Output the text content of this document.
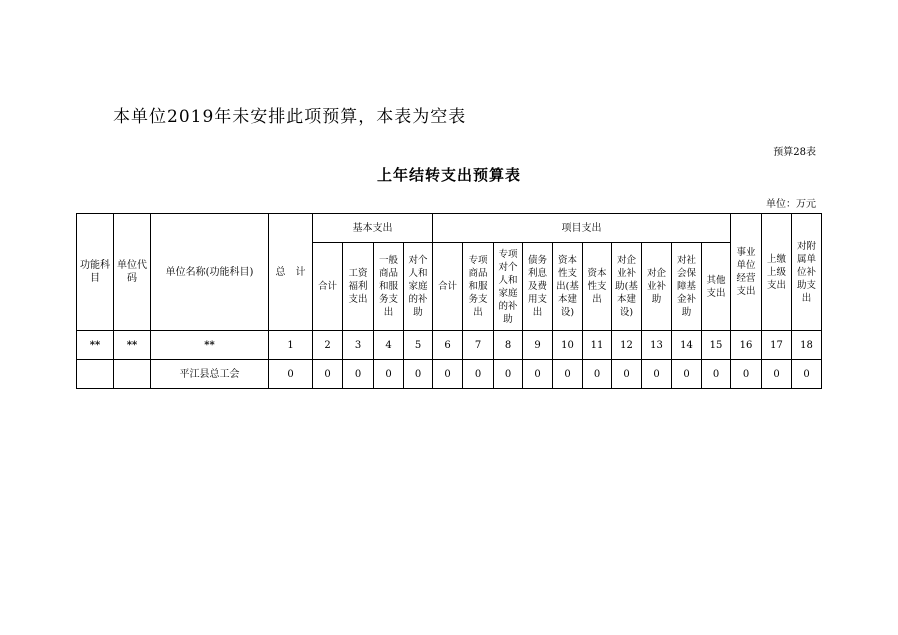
本单位2019年未安排此项预算，本表为空表
预算28表
上年结转支出预算表
单位：万元
功能科目	单位代码	单位名称(功能科目)	总　计	基本支出				项目支出										事业单位经营支出	上缴上级支出	对附属单位补助支出
				合计	工资福利支出	一般商品和服务支出	对个人和家庭的补助	合计	专项商品和服务支出	专项对个人和家庭的补助	债务利息及费用支出	资本性支出(基本建设)	资本性支出	对企业补助(基本建设)	对企业补助	对社会保障基金补助	其他支出			
**	**	**	1	2	3	4	5	6	7	8	9	10	11	12	13	14	15	16	17	18
		平江县总工会	0	0	0	0	0	0	0	0	0	0	0	0	0	0	0	0	0	0
